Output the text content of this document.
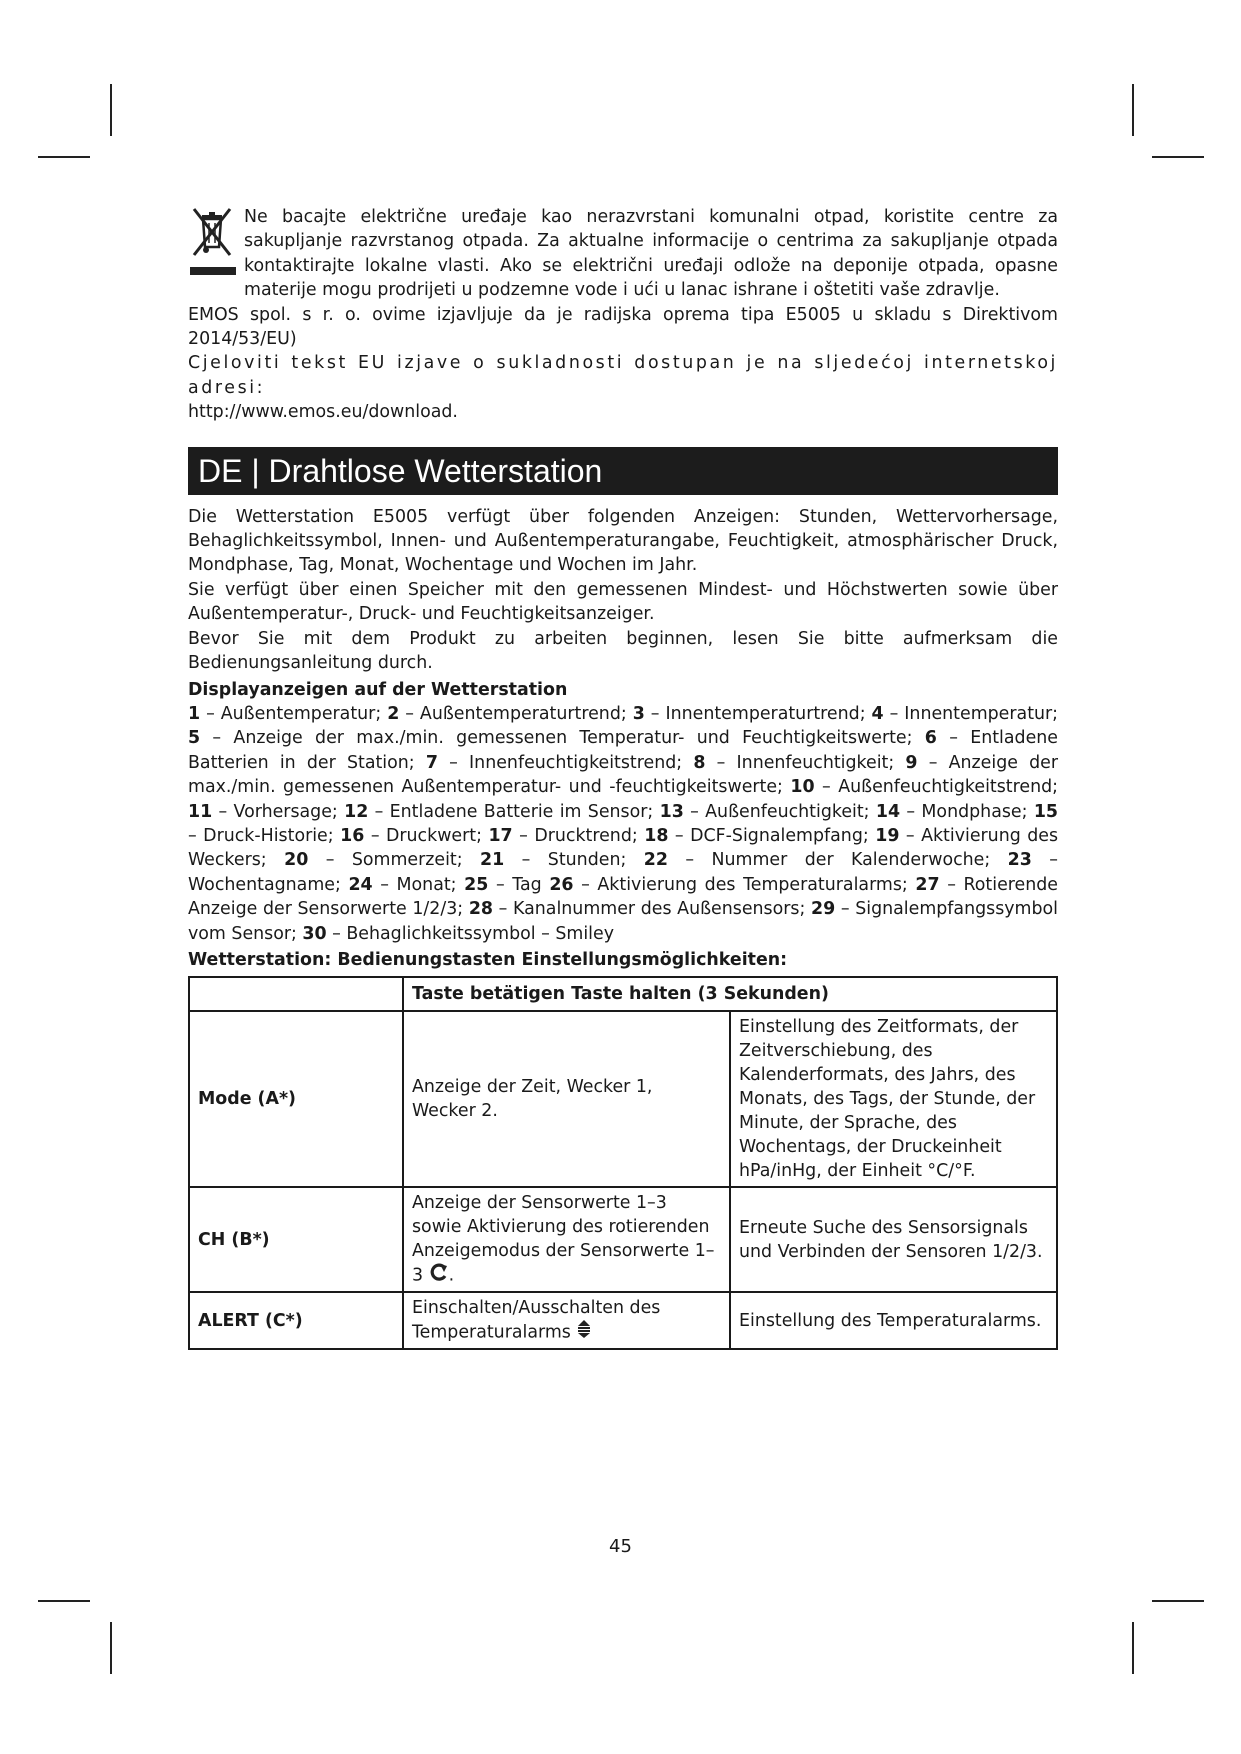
Ne bacajte električne uređaje kao nerazvrstani komunalni otpad, koristite centre za sakupljanje razvrstanog otpada. Za aktualne informacije o centrima za sakupljanje otpada kontaktirajte lokalne vlasti. Ako se električni uređaji odlože na deponije otpada, opasne materije mogu prodrijeti u podzemne vode i ući u lanac ishrane i oštetiti vaše zdravlje.

EMOS spol. s r. o. ovime izjavljuje da je radijska oprema tipa E5005 u skladu s Direktivom 2014/53/EU)

Cjeloviti tekst EU izjave o sukladnosti dostupan je na sljedećoj internetskoj adresi:

http://www.emos.eu/download.

DE | Drahtlose Wetterstation

Die Wetterstation E5005 verfügt über folgenden Anzeigen: Stunden, Wettervorhersage, Behaglichkeitssymbol, Innen- und Außentemperaturangabe, Feuchtigkeit, atmosphärischer Druck, Mondphase, Tag, Monat, Wochentage und Wochen im Jahr.

Sie verfügt über einen Speicher mit den gemessenen Mindest- und Höchstwerten sowie über Außentemperatur-, Druck- und Feuchtigkeitsanzeiger.

Bevor Sie mit dem Produkt zu arbeiten beginnen, lesen Sie bitte aufmerksam die Bedienungsanleitung durch.

Displayanzeigen auf der Wetterstation

1 – Außentemperatur; 2 – Außentemperaturtrend; 3 – Innentemperaturtrend; 4 – Innentemperatur; 5 – Anzeige der max./min. gemessenen Temperatur- und Feuchtigkeitswerte; 6 – Entladene Batterien in der Station; 7 – Innenfeuchtigkeitstrend; 8 – Innenfeuchtigkeit; 9 – Anzeige der max./min. gemessenen Außentemperatur- und -feuchtigkeitswerte; 10 – Außenfeuchtigkeitstrend; 11 – Vorhersage; 12 – Entladene Batterie im Sensor; 13 – Außenfeuchtigkeit; 14 – Mondphase; 15 – Druck-Historie; 16 – Druckwert; 17 – Drucktrend; 18 – DCF-Signalempfang; 19 – Aktivierung des Weckers; 20 – Sommerzeit; 21 – Stunden; 22 – Nummer der Kalenderwoche; 23 – Wochentagname; 24 – Monat; 25 – Tag 26 – Aktivierung des Temperaturalarms; 27 – Rotierende Anzeige der Sensorwerte 1/2/3; 28 – Kanalnummer des Außensensors; 29 – Signalempfangssymbol vom Sensor; 30 – Behaglichkeitssymbol – Smiley

Wetterstation: Bedienungstasten Einstellungsmöglichkeiten:
	Taste betätigen Taste halten (3 Sekunden)	
Mode (A*)	Anzeige der Zeit, Wecker 1, Wecker 2.	Einstellung des Zeitformats, der Zeitverschiebung, des Kalenderformats, des Jahrs, des Monats, des Tags, der Stunde, der Minute, der Sprache, des Wochentags, der Druckeinheit hPa/inHg, der Einheit °C/°F.
CH (B*)	Anzeige der Sensorwerte 1–3 sowie Aktivierung des rotierenden Anzeigemodus der Sensorwerte 1–3 .	Erneute Suche des Sensorsignals und Verbinden der Sensoren 1/2/3.
ALERT (C*)	Einschalten/Ausschalten des Temperaturalarms	Einstellung des Temperaturalarms.
45
